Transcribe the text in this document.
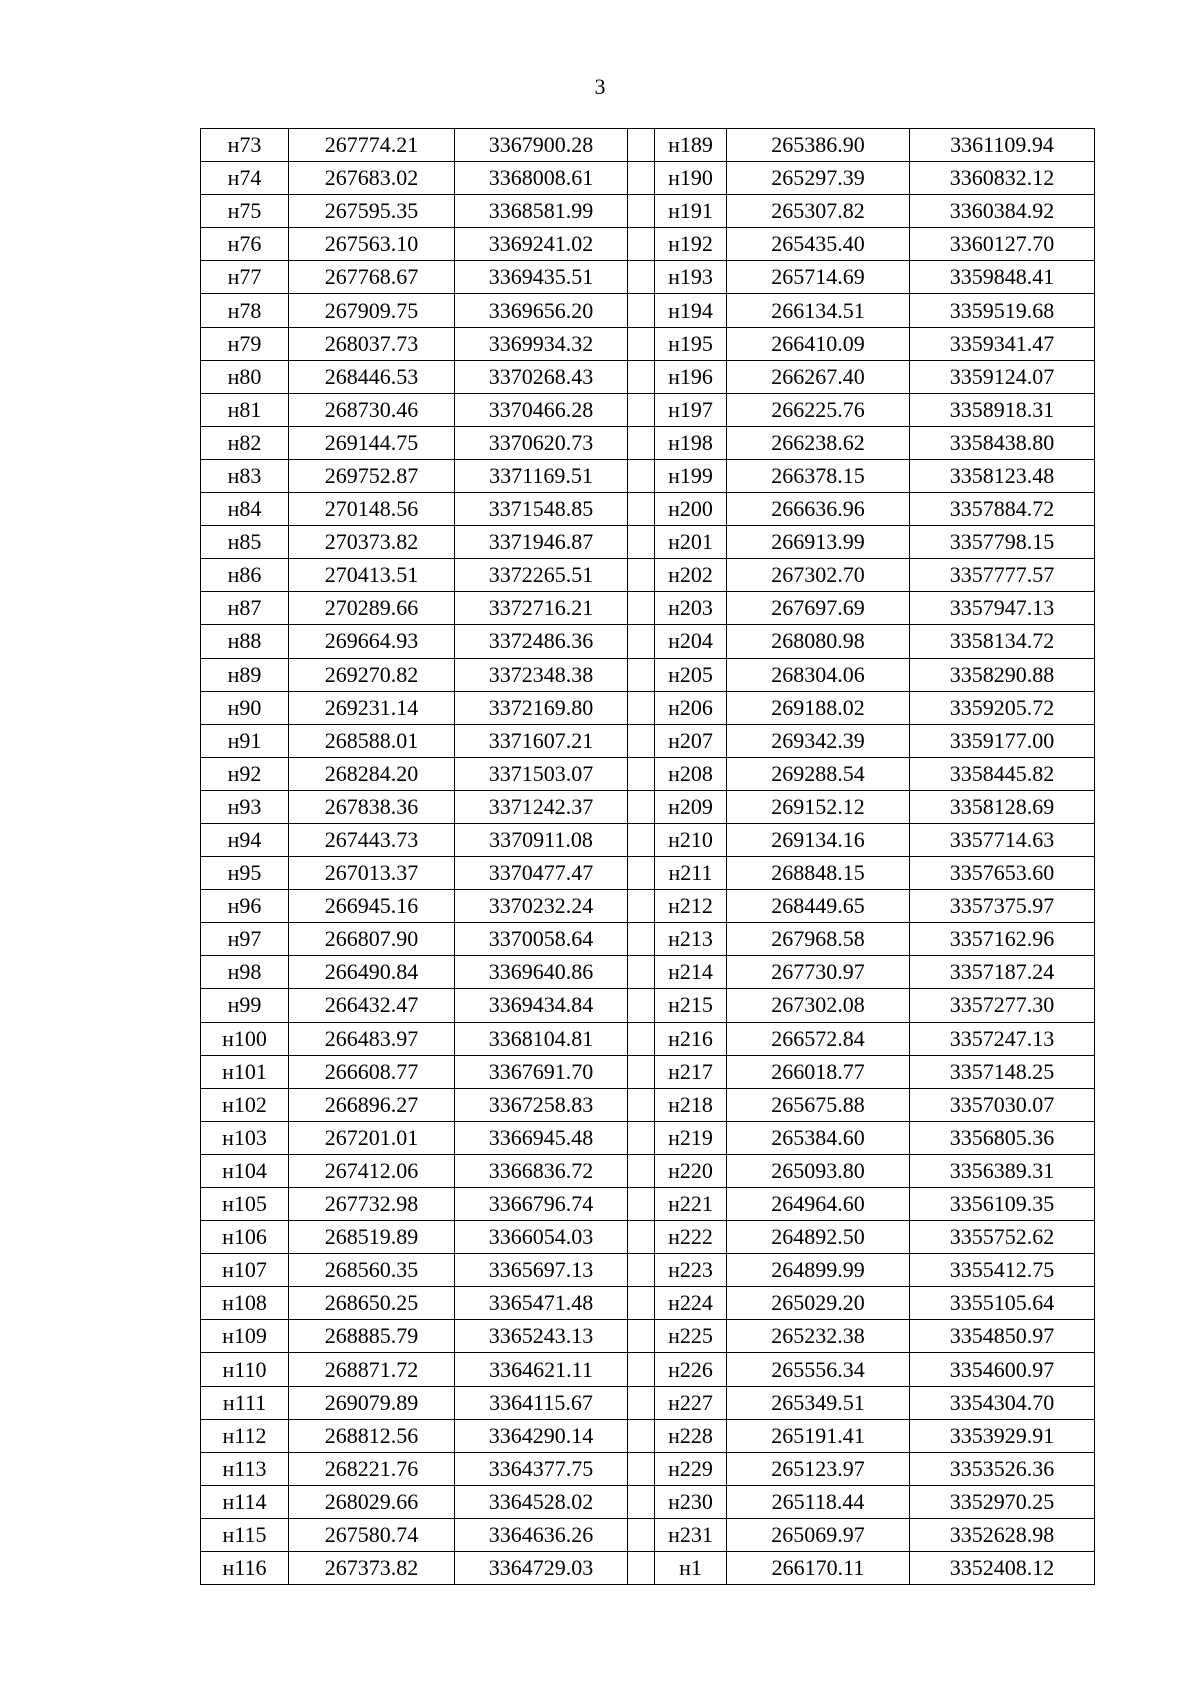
3
н73	267774.21	3367900.28		н189	265386.90	3361109.94
н74	267683.02	3368008.61		н190	265297.39	3360832.12
н75	267595.35	3368581.99		н191	265307.82	3360384.92
н76	267563.10	3369241.02		н192	265435.40	3360127.70
н77	267768.67	3369435.51		н193	265714.69	3359848.41
н78	267909.75	3369656.20		н194	266134.51	3359519.68
н79	268037.73	3369934.32		н195	266410.09	3359341.47
н80	268446.53	3370268.43		н196	266267.40	3359124.07
н81	268730.46	3370466.28		н197	266225.76	3358918.31
н82	269144.75	3370620.73		н198	266238.62	3358438.80
н83	269752.87	3371169.51		н199	266378.15	3358123.48
н84	270148.56	3371548.85		н200	266636.96	3357884.72
н85	270373.82	3371946.87		н201	266913.99	3357798.15
н86	270413.51	3372265.51		н202	267302.70	3357777.57
н87	270289.66	3372716.21		н203	267697.69	3357947.13
н88	269664.93	3372486.36		н204	268080.98	3358134.72
н89	269270.82	3372348.38		н205	268304.06	3358290.88
н90	269231.14	3372169.80		н206	269188.02	3359205.72
н91	268588.01	3371607.21		н207	269342.39	3359177.00
н92	268284.20	3371503.07		н208	269288.54	3358445.82
н93	267838.36	3371242.37		н209	269152.12	3358128.69
н94	267443.73	3370911.08		н210	269134.16	3357714.63
н95	267013.37	3370477.47		н211	268848.15	3357653.60
н96	266945.16	3370232.24		н212	268449.65	3357375.97
н97	266807.90	3370058.64		н213	267968.58	3357162.96
н98	266490.84	3369640.86		н214	267730.97	3357187.24
н99	266432.47	3369434.84		н215	267302.08	3357277.30
н100	266483.97	3368104.81		н216	266572.84	3357247.13
н101	266608.77	3367691.70		н217	266018.77	3357148.25
н102	266896.27	3367258.83		н218	265675.88	3357030.07
н103	267201.01	3366945.48		н219	265384.60	3356805.36
н104	267412.06	3366836.72		н220	265093.80	3356389.31
н105	267732.98	3366796.74		н221	264964.60	3356109.35
н106	268519.89	3366054.03		н222	264892.50	3355752.62
н107	268560.35	3365697.13		н223	264899.99	3355412.75
н108	268650.25	3365471.48		н224	265029.20	3355105.64
н109	268885.79	3365243.13		н225	265232.38	3354850.97
н110	268871.72	3364621.11		н226	265556.34	3354600.97
н111	269079.89	3364115.67		н227	265349.51	3354304.70
н112	268812.56	3364290.14		н228	265191.41	3353929.91
н113	268221.76	3364377.75		н229	265123.97	3353526.36
н114	268029.66	3364528.02		н230	265118.44	3352970.25
н115	267580.74	3364636.26		н231	265069.97	3352628.98
н116	267373.82	3364729.03		н1	266170.11	3352408.12
